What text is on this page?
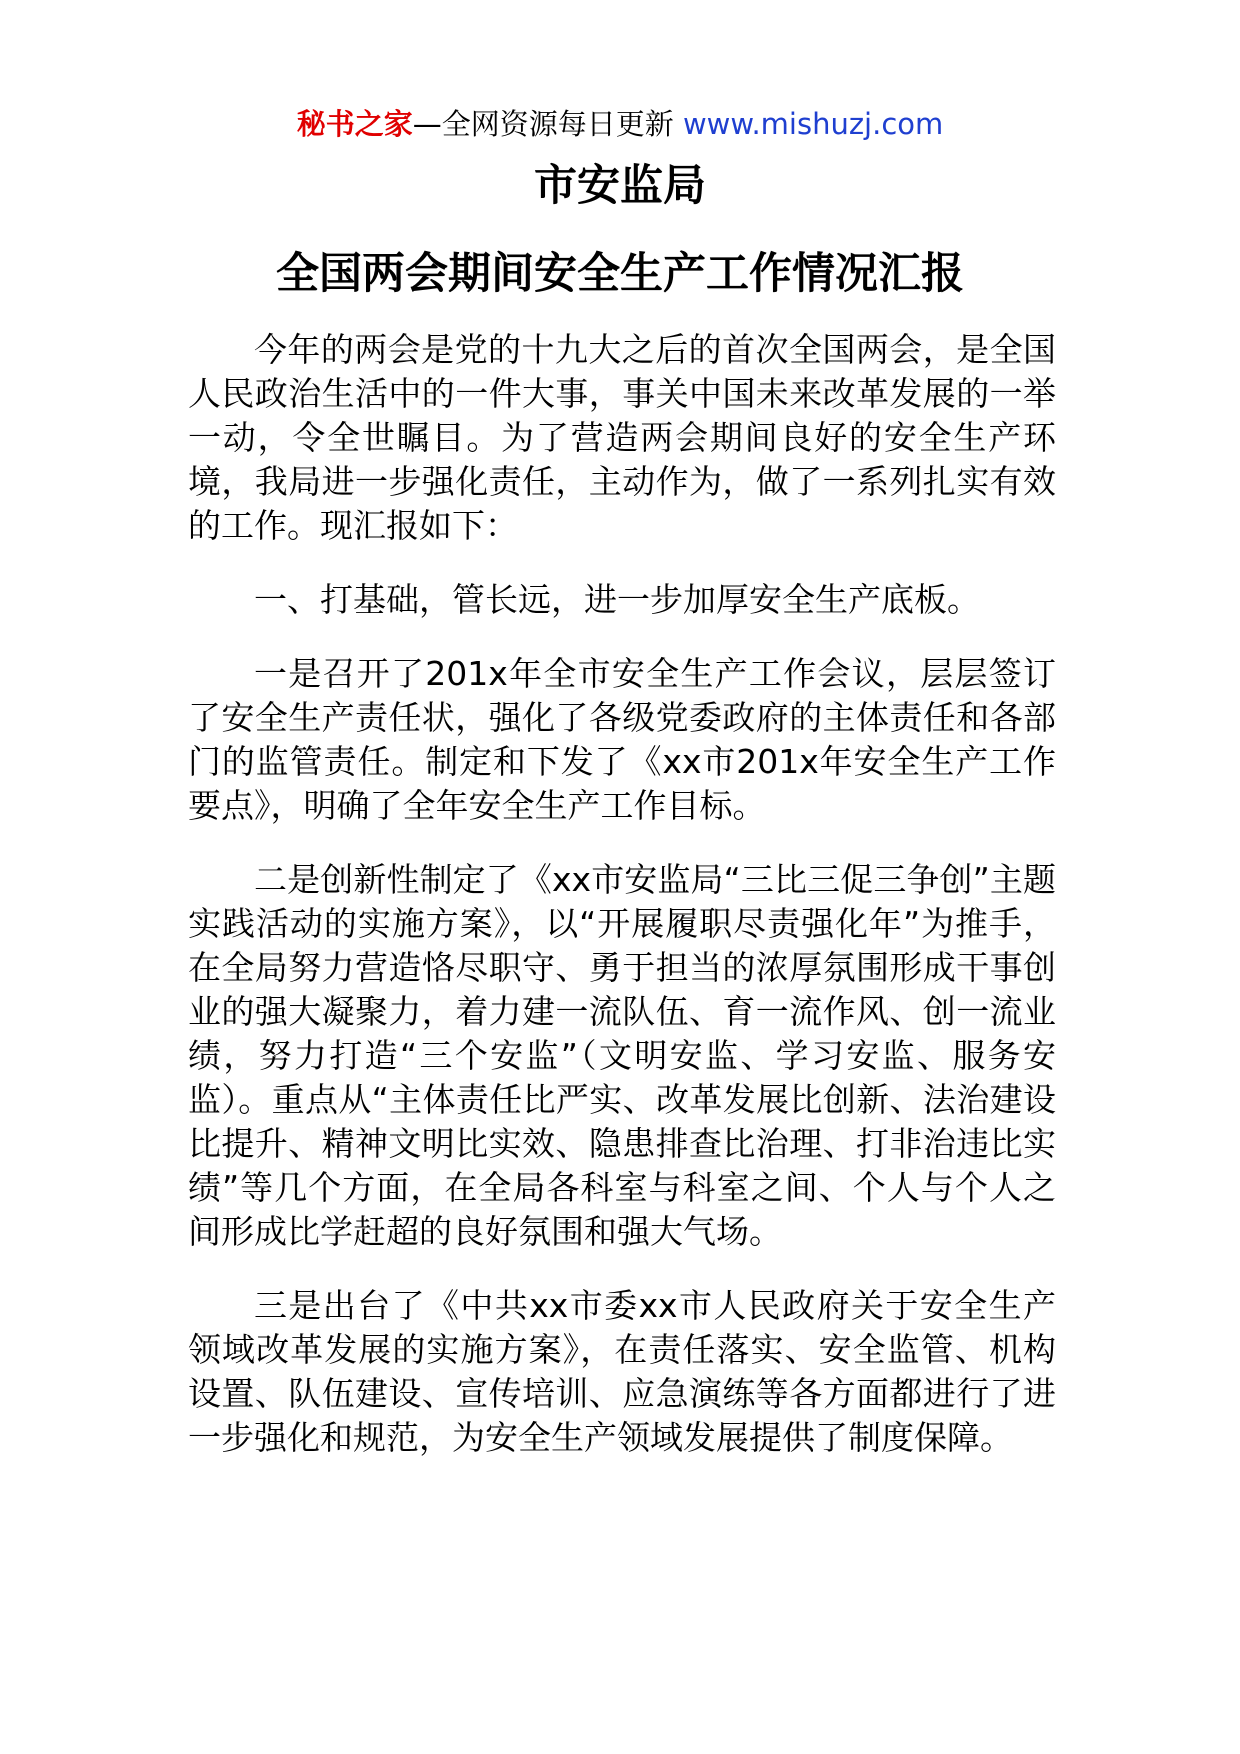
秘书之家—全网资源每日更新 www.mishuzj.com
市安监局
全国两会期间安全生产工作情况汇报

今年的两会是党的十九大之后的首次全国两会，是全国人民政治生活中的一件大事，事关中国未来改革发展的一举一动，令全世瞩目。为了营造两会期间良好的安全生产环境，我局进一步强化责任，主动作为，做了一系列扎实有效的工作。现汇报如下：

一、打基础，管长远，进一步加厚安全生产底板。

一是召开了201x年全市安全生产工作会议，层层签订了安全生产责任状，强化了各级党委政府的主体责任和各部门的监管责任。制定和下发了《xx市201x年安全生产工作要点》，明确了全年安全生产工作目标。

二是创新性制定了《xx市安监局“三比三促三争创”主题实践活动的实施方案》，以“开展履职尽责强化年”为推手，在全局努力营造恪尽职守、勇于担当的浓厚氛围形成干事创业的强大凝聚力，着力建一流队伍、育一流作风、创一流业绩，努力打造“三个安监”（文明安监、学习安监、服务安监）。重点从“主体责任比严实、改革发展比创新、法治建设比提升、精神文明比实效、隐患排查比治理、打非治违比实绩”等几个方面，在全局各科室与科室之间、个人与个人之间形成比学赶超的良好氛围和强大气场。

三是出台了《中共xx市委xx市人民政府关于安全生产领域改革发展的实施方案》，在责任落实、安全监管、机构设置、队伍建设、宣传培训、应急演练等各方面都进行了进一步强化和规范，为安全生产领域发展提供了制度保障。
